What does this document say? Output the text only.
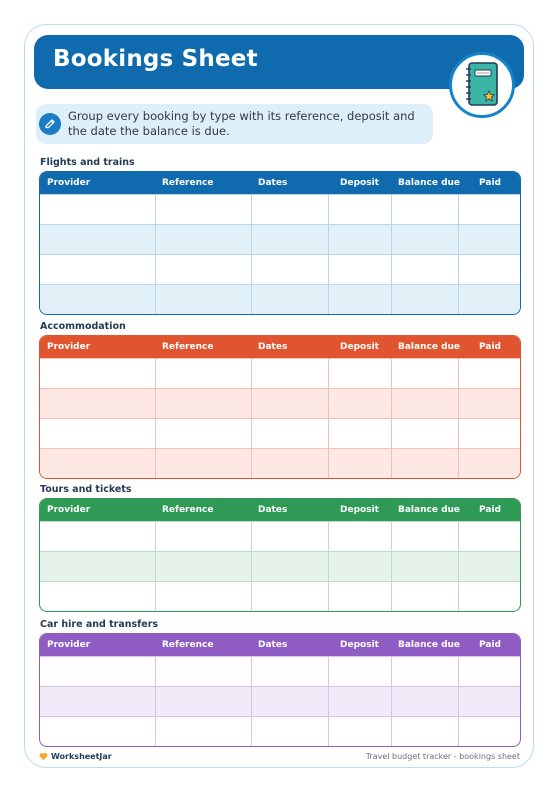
Bookings Sheet
Group every booking by type with its reference, deposit and the date the balance is due.
Flights and trains
Provider	Reference	Dates	Deposit	Balance due	Paid

Accommodation
Provider	Reference	Dates	Deposit	Balance due	Paid

Tours and tickets
Provider	Reference	Dates	Deposit	Balance due	Paid

Car hire and transfers
Provider	Reference	Dates	Deposit	Balance due	Paid

WorksheetJar	Travel budget tracker - bookings sheet
